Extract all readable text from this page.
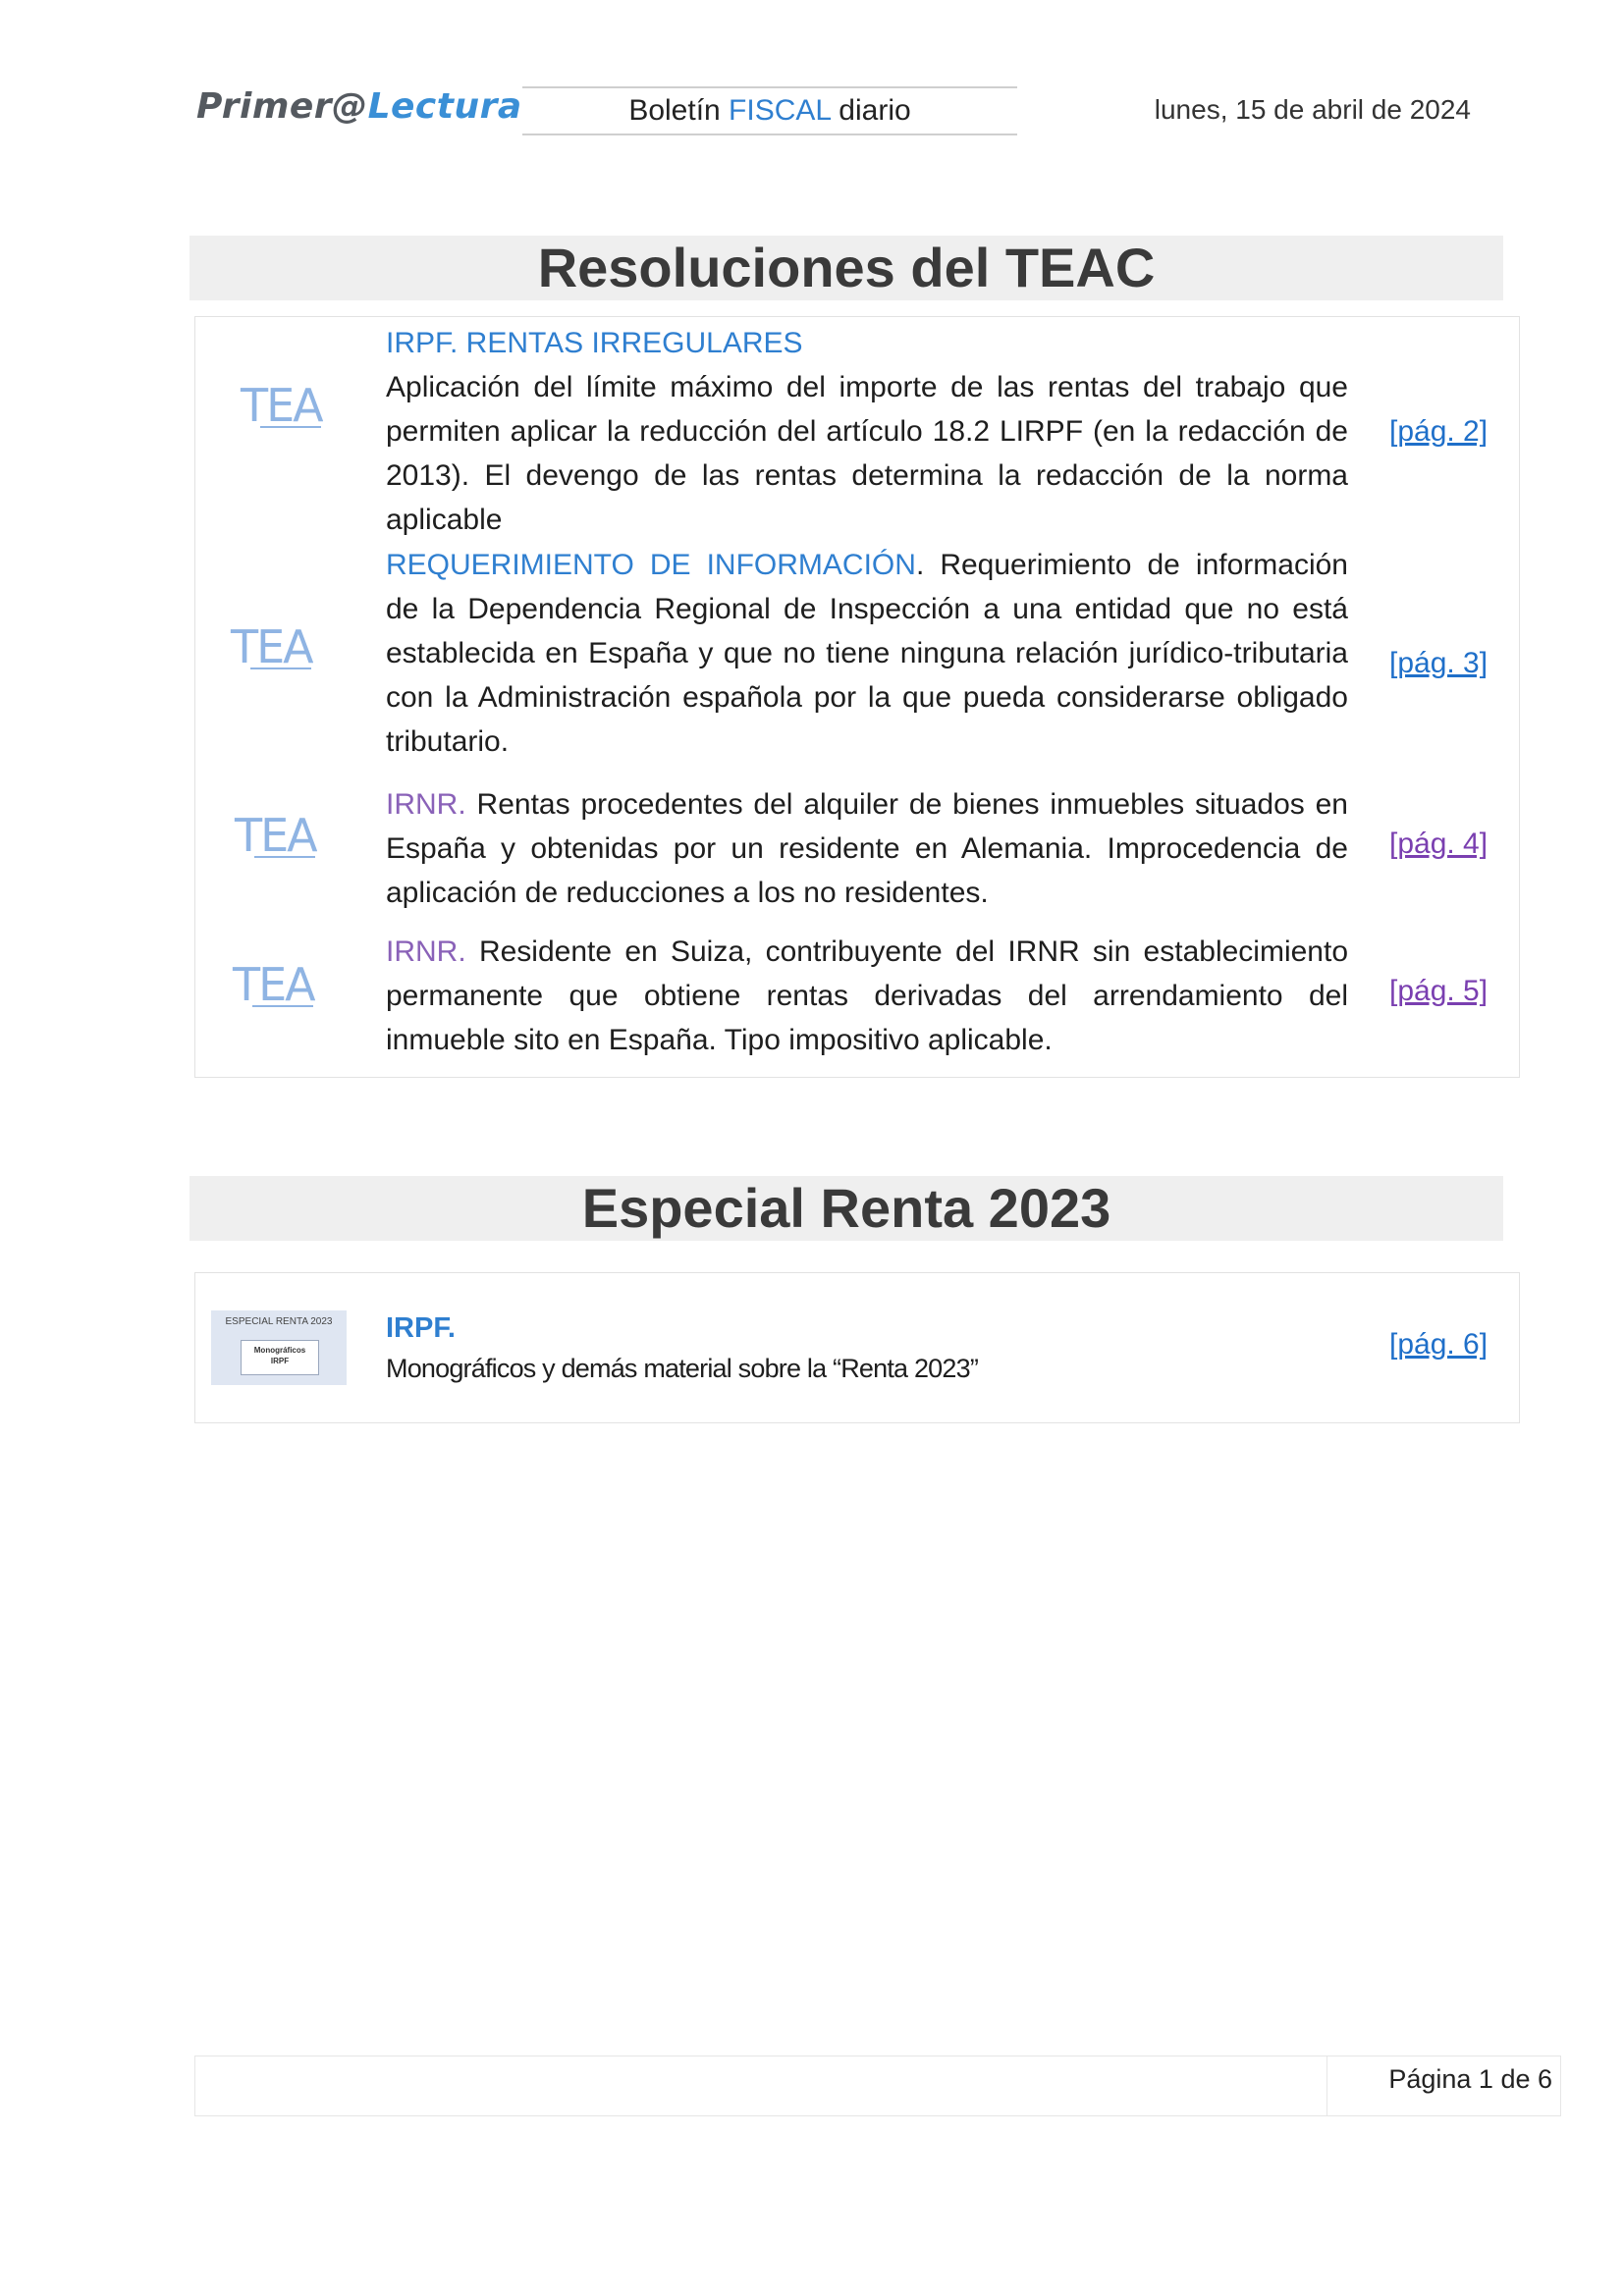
Primer@Lectura	Boletín FISCAL diario	lunes, 15 de abril de 2024
Resoluciones del TEAC
TEA
IRPF. RENTAS IRREGULARES
Aplicación del límite máximo del importe de las rentas del trabajo que permiten aplicar la reducción del artículo 18.2 LIRPF (en la redacción de 2013). El devengo de las rentas determina la redacción de la norma aplicable
[pág. 2]
TEA
REQUERIMIENTO DE INFORMACIÓN. Requerimiento de información de la Dependencia Regional de Inspección a una entidad que no está establecida en España y que no tiene ninguna relación jurídico-tributaria con la Administración española por la que pueda considerarse obligado tributario.
[pág. 3]
TEA
IRNR. Rentas procedentes del alquiler de bienes inmuebles situados en España y obtenidas por un residente en Alemania. Improcedencia de aplicación de reducciones a los no residentes.
[pág. 4]
TEA
IRNR. Residente en Suiza, contribuyente del IRNR sin establecimiento permanente que obtiene rentas derivadas del arrendamiento del inmueble sito en España. Tipo impositivo aplicable.
[pág. 5]
Especial Renta 2023
ESPECIAL RENTA 2023
Monográficos
IRPF
IRPF.
Monográficos y demás material sobre la “Renta 2023”
[pág. 6]
Página 1 de 6
